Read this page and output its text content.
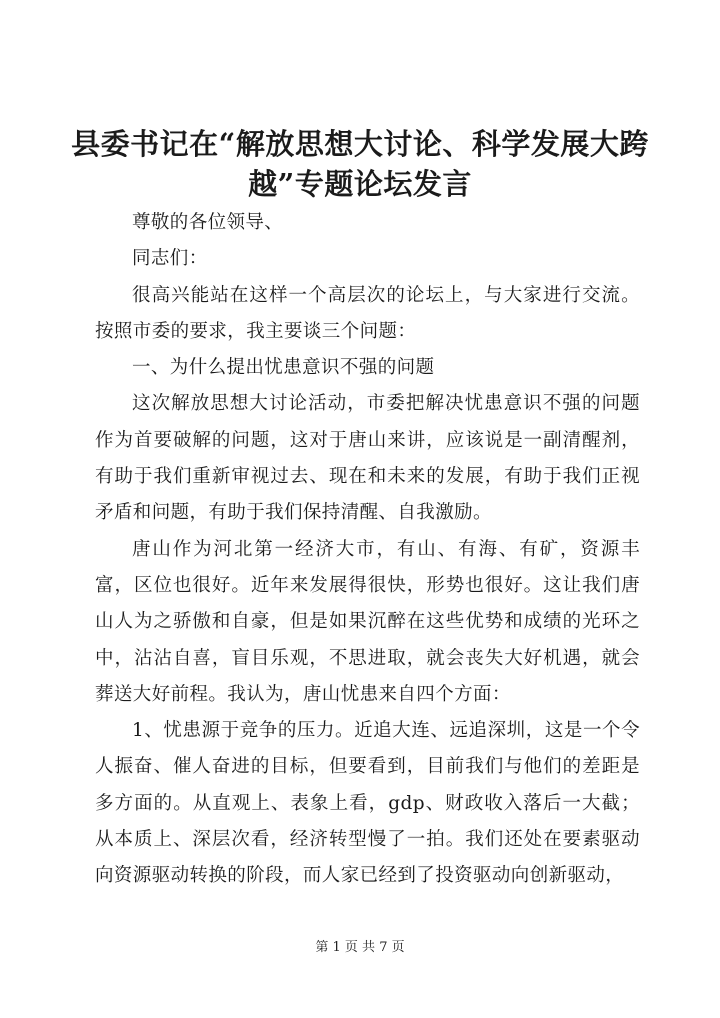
县委书记在“解放思想大讨论、科学发展大跨越”专题论坛发言

尊敬的各位领导、

同志们：

很高兴能站在这样一个高层次的论坛上，与大家进行交流。按照市委的要求，我主要谈三个问题：

一、为什么提出忧患意识不强的问题

这次解放思想大讨论活动，市委把解决忧患意识不强的问题作为首要破解的问题，这对于唐山来讲，应该说是一副清醒剂，有助于我们重新审视过去、现在和未来的发展，有助于我们正视矛盾和问题，有助于我们保持清醒、自我激励。

唐山作为河北第一经济大市，有山、有海、有矿，资源丰富，区位也很好。近年来发展得很快，形势也很好。这让我们唐山人为之骄傲和自豪，但是如果沉醉在这些优势和成绩的光环之中，沾沾自喜，盲目乐观，不思进取，就会丧失大好机遇，就会葬送大好前程。我认为，唐山忧患来自四个方面：

1、忧患源于竞争的压力。近追大连、远追深圳，这是一个令人振奋、催人奋进的目标，但要看到，目前我们与他们的差距是多方面的。从直观上、表象上看，gdp、财政收入落后一大截；从本质上、深层次看，经济转型慢了一拍。我们还处在要素驱动向资源驱动转换的阶段，而人家已经到了投资驱动向创新驱动，

第 1 页 共 7 页
